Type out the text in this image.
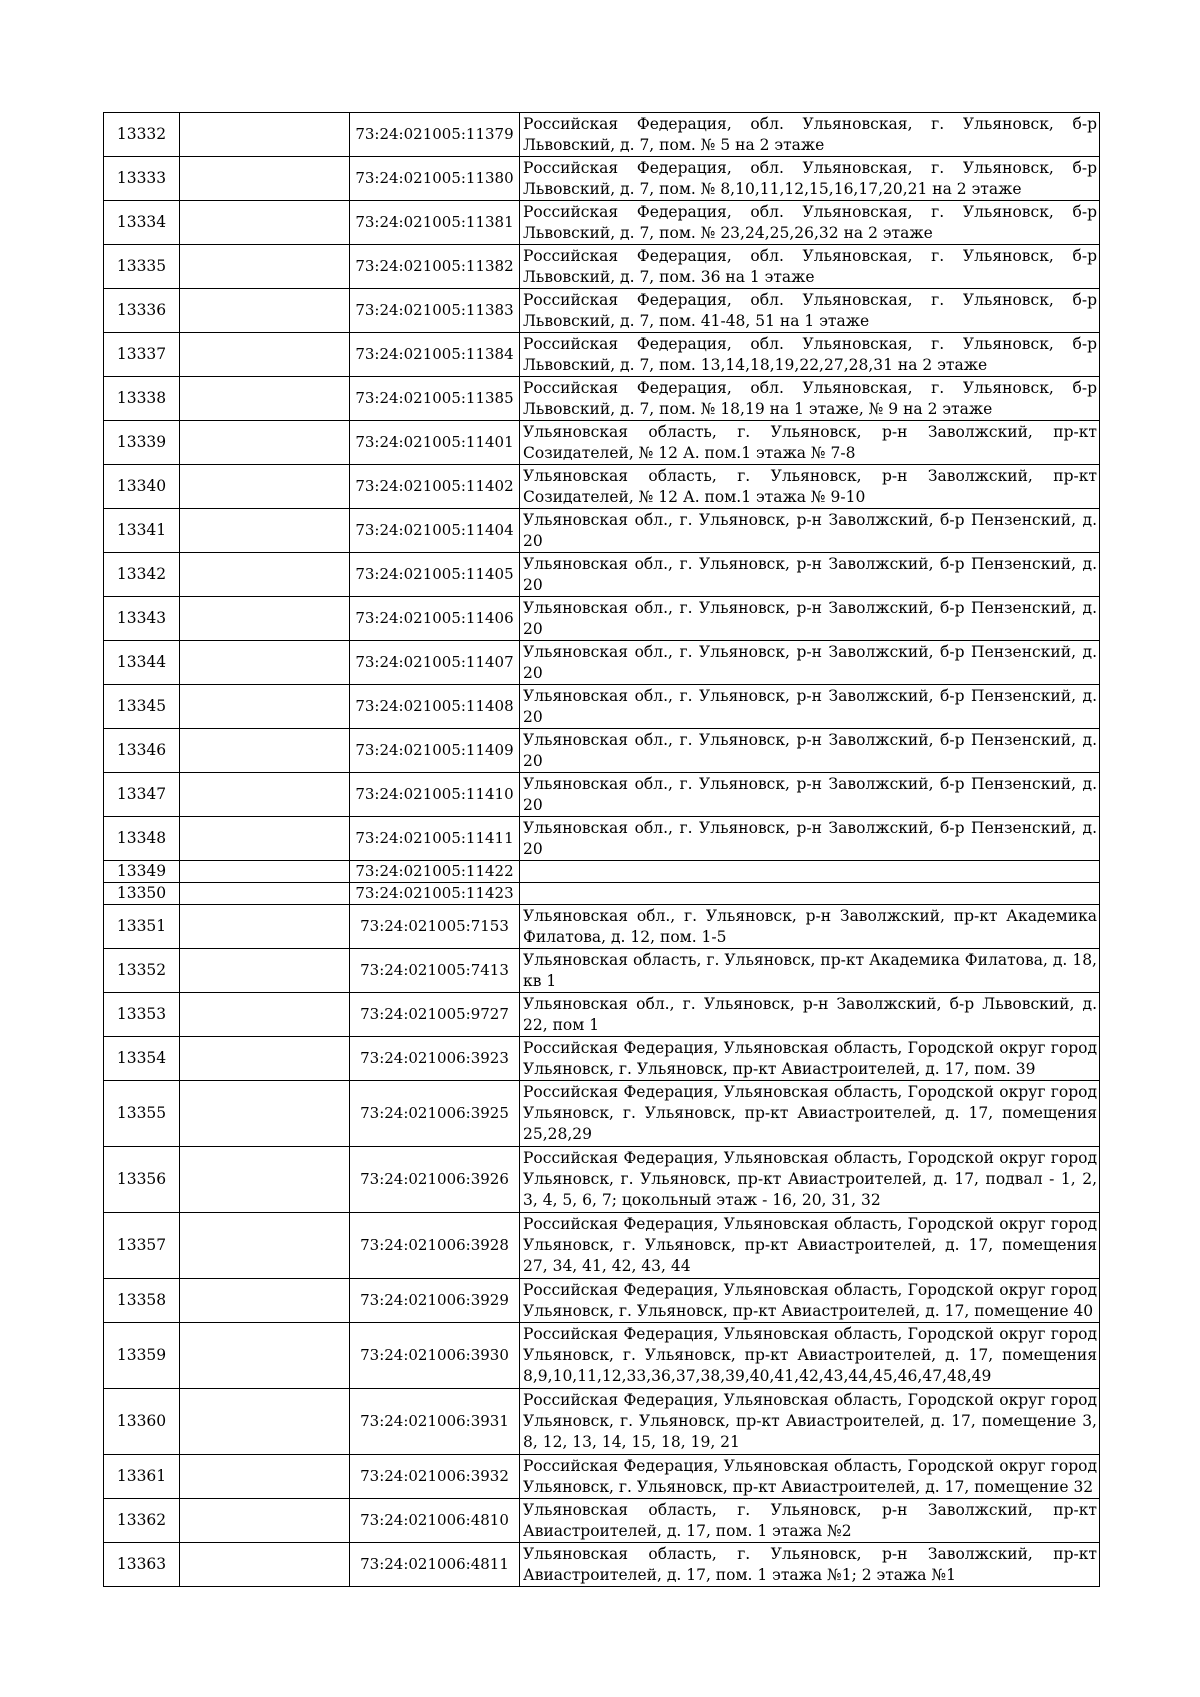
13332		73:24:021005:11379	Российская Федерация, обл. Ульяновская, г. Ульяновск, б-р Львовский, д. 7, пом. № 5 на 2 этаже
13333		73:24:021005:11380	Российская Федерация, обл. Ульяновская, г. Ульяновск, б-р Львовский, д. 7, пом. № 8,10,11,12,15,16,17,20,21 на 2 этаже
13334		73:24:021005:11381	Российская Федерация, обл. Ульяновская, г. Ульяновск, б-р Львовский, д. 7, пом. № 23,24,25,26,32 на 2 этаже
13335		73:24:021005:11382	Российская Федерация, обл. Ульяновская, г. Ульяновск, б-р Львовский, д. 7, пом. 36 на 1 этаже
13336		73:24:021005:11383	Российская Федерация, обл. Ульяновская, г. Ульяновск, б-р Львовский, д. 7, пом. 41-48, 51 на 1 этаже
13337		73:24:021005:11384	Российская Федерация, обл. Ульяновская, г. Ульяновск, б-р Львовский, д. 7, пом. 13,14,18,19,22,27,28,31 на 2 этаже
13338		73:24:021005:11385	Российская Федерация, обл. Ульяновская, г. Ульяновск, б-р Львовский, д. 7, пом. № 18,19 на 1 этаже, № 9 на 2 этаже
13339		73:24:021005:11401	Ульяновская область, г. Ульяновск, р-н Заволжский, пр-кт Созидателей, № 12 А. пом.1 этажа № 7-8
13340		73:24:021005:11402	Ульяновская область, г. Ульяновск, р-н Заволжский, пр-кт Созидателей, № 12 А. пом.1 этажа № 9-10
13341		73:24:021005:11404	Ульяновская обл., г. Ульяновск, р-н Заволжский, б-р Пензенский, д. 20
13342		73:24:021005:11405	Ульяновская обл., г. Ульяновск, р-н Заволжский, б-р Пензенский, д. 20
13343		73:24:021005:11406	Ульяновская обл., г. Ульяновск, р-н Заволжский, б-р Пензенский, д. 20
13344		73:24:021005:11407	Ульяновская обл., г. Ульяновск, р-н Заволжский, б-р Пензенский, д. 20
13345		73:24:021005:11408	Ульяновская обл., г. Ульяновск, р-н Заволжский, б-р Пензенский, д. 20
13346		73:24:021005:11409	Ульяновская обл., г. Ульяновск, р-н Заволжский, б-р Пензенский, д. 20
13347		73:24:021005:11410	Ульяновская обл., г. Ульяновск, р-н Заволжский, б-р Пензенский, д. 20
13348		73:24:021005:11411	Ульяновская обл., г. Ульяновск, р-н Заволжский, б-р Пензенский, д. 20
13349		73:24:021005:11422	
13350		73:24:021005:11423	
13351		73:24:021005:7153	Ульяновская обл., г. Ульяновск, р-н Заволжский, пр-кт Академика Филатова, д. 12, пом. 1-5
13352		73:24:021005:7413	Ульяновская область, г. Ульяновск, пр-кт Академика Филатова, д. 18, кв 1
13353		73:24:021005:9727	Ульяновская обл., г. Ульяновск, р-н Заволжский, б-р Львовский, д. 22, пом 1
13354		73:24:021006:3923	Российская Федерация, Ульяновская область, Городской округ город Ульяновск, г. Ульяновск, пр-кт Авиастроителей, д. 17, пом. 39
13355		73:24:021006:3925	Российская Федерация, Ульяновская область, Городской округ город Ульяновск, г. Ульяновск, пр-кт Авиастроителей, д. 17, помещения 25,28,29
13356		73:24:021006:3926	Российская Федерация, Ульяновская область, Городской округ город Ульяновск, г. Ульяновск, пр-кт Авиастроителей, д. 17, подвал - 1, 2, 3, 4, 5, 6, 7; цокольный этаж - 16, 20, 31, 32
13357		73:24:021006:3928	Российская Федерация, Ульяновская область, Городской округ город Ульяновск, г. Ульяновск, пр-кт Авиастроителей, д. 17, помещения 27, 34, 41, 42, 43, 44
13358		73:24:021006:3929	Российская Федерация, Ульяновская область, Городской округ город Ульяновск, г. Ульяновск, пр-кт Авиастроителей, д. 17, помещение 40
13359		73:24:021006:3930	Российская Федерация, Ульяновская область, Городской округ город Ульяновск, г. Ульяновск, пр-кт Авиастроителей, д. 17, помещения 8,9,10,11,12,33,36,37,38,39,40,41,42,43,44,45,46,47,48,49
13360		73:24:021006:3931	Российская Федерация, Ульяновская область, Городской округ город Ульяновск, г. Ульяновск, пр-кт Авиастроителей, д. 17, помещение 3, 8, 12, 13, 14, 15, 18, 19, 21
13361		73:24:021006:3932	Российская Федерация, Ульяновская область, Городской округ город Ульяновск, г. Ульяновск, пр-кт Авиастроителей, д. 17, помещение 32
13362		73:24:021006:4810	Ульяновская область, г. Ульяновск, р-н Заволжский, пр-кт Авиастроителей, д. 17, пом. 1 этажа №2
13363		73:24:021006:4811	Ульяновская область, г. Ульяновск, р-н Заволжский, пр-кт Авиастроителей, д. 17, пом. 1 этажа №1; 2 этажа №1
